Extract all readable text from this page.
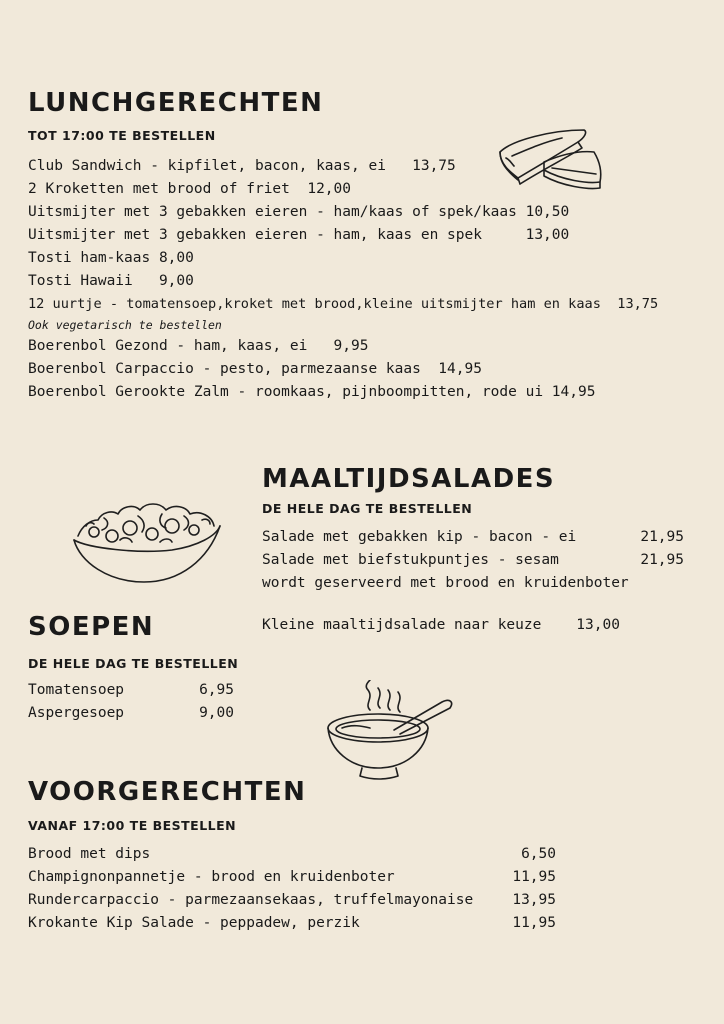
LUNCHGERECHTEN
TOT 17:00 TE BESTELLEN
Club Sandwich - kipfilet, bacon, kaas, ei   13,75
2 Kroketten met brood of friet  12,00
Uitsmijter met 3 gebakken eieren - ham/kaas of spek/kaas 10,50
Uitsmijter met 3 gebakken eieren - ham, kaas en spek     13,00
Tosti ham-kaas 8,00
Tosti Hawaii   9,00
12 uurtje - tomatensoep,kroket met brood,kleine uitsmijter ham en kaas  13,75
Ook vegetarisch te bestellen
Boerenbol Gezond - ham, kaas, ei   9,95
Boerenbol Carpaccio - pesto, parmezaanse kaas  14,95
Boerenbol Gerookte Zalm - roomkaas, pijnboompitten, rode ui 14,95
MAALTIJDSALADES
DE HELE DAG TE BESTELLEN
Salade met gebakken kip - bacon - ei	21,95
Salade met biefstukpuntjes - sesam	21,95
wordt geserveerd met brood en kruidenboter
Kleine maaltijdsalade naar keuze    13,00
SOEPEN
DE HELE DAG TE BESTELLEN
Tomatensoep	6,95
Aspergesoep	9,00
VOORGERECHTEN
VANAF 17:00 TE BESTELLEN
Brood met dips	6,50
Champignonpannetje - brood en kruidenboter	11,95
Rundercarpaccio - parmezaansekaas, truffelmayonaise	13,95
Krokante Kip Salade - peppadew, perzik	11,95
